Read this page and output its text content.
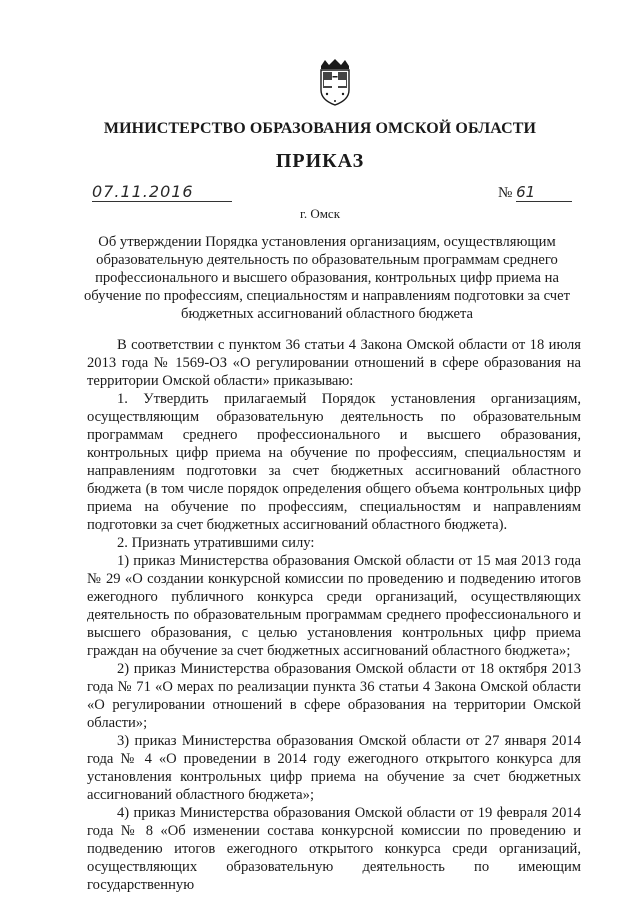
МИНИСТЕРСТВО ОБРАЗОВАНИЯ ОМСКОЙ ОБЛАСТИ
ПРИКАЗ
07.11.2016	№ 61
г. Омск
Об утверждении Порядка установления организациям, осуществляющим образовательную деятельность по образовательным программам среднего профессионального и высшего образования, контрольных цифр приема на обучение по профессиям, специальностям и направлениям подготовки за счет бюджетных ассигнований областного бюджета

В соответствии с пунктом 36 статьи 4 Закона Омской области от 18 июля 2013 года № 1569-ОЗ «О регулировании отношений в сфере образования на территории Омской области» приказываю:

1. Утвердить прилагаемый Порядок установления организациям, осуществляющим образовательную деятельность по образовательным программам среднего профессионального и высшего образования, контрольных цифр приема на обучение по профессиям, специальностям и направлениям подготовки за счет бюджетных ассигнований областного бюджета (в том числе порядок определения общего объема контрольных цифр приема на обучение по профессиям, специальностям и направлениям подготовки за счет бюджетных ассигнований областного бюджета).

2. Признать утратившими силу:

1) приказ Министерства образования Омской области от 15 мая 2013 года № 29 «О создании конкурсной комиссии по проведению и подведению итогов ежегодного публичного конкурса среди организаций, осуществляющих деятельность по образовательным программам среднего профессионального и высшего образования, с целью установления контрольных цифр приема граждан на обучение за счет бюджетных ассигнований областного бюджета»;

2) приказ Министерства образования Омской области от 18 октября 2013 года № 71 «О мерах по реализации пункта 36 статьи 4 Закона Омской области «О регулировании отношений в сфере образования на территории Омской области»;

3) приказ Министерства образования Омской области от 27 января 2014 года № 4 «О проведении в 2014 году ежегодного открытого конкурса для установления контрольных цифр приема на обучение за счет бюджетных ассигнований областного бюджета»;

4) приказ Министерства образования Омской области от 19 февраля 2014 года № 8 «Об изменении состава конкурсной комиссии по проведению и подведению итогов ежегодного открытого конкурса среди организаций, осуществляющих образовательную деятельность по имеющим государственную
